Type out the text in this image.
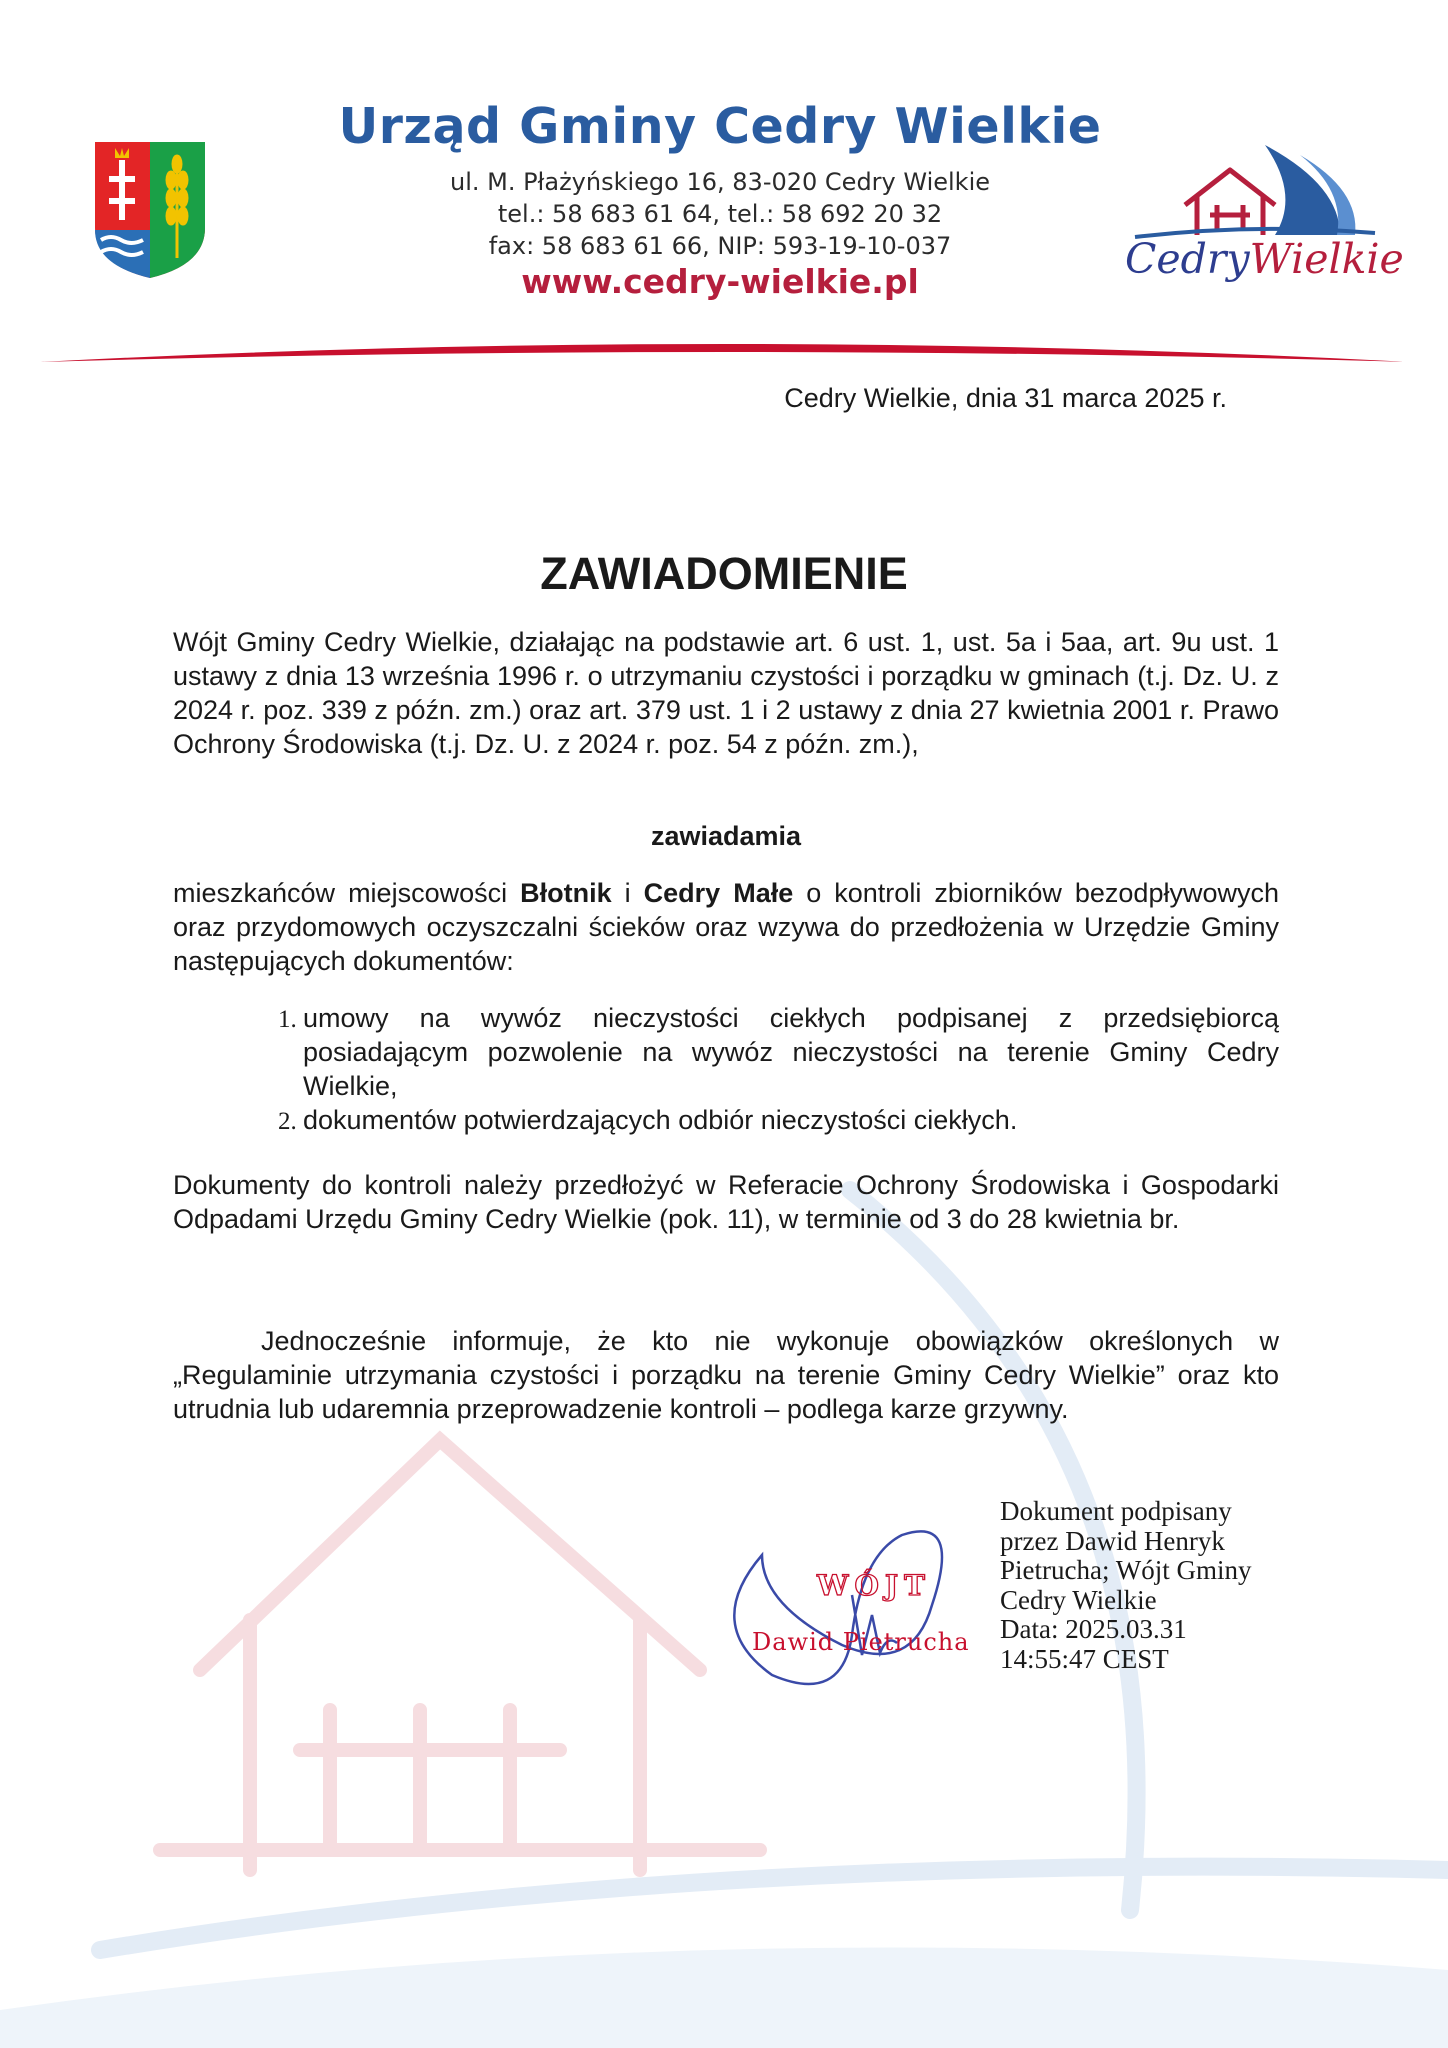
Urząd Gminy Cedry Wielkie
ul. M. Płażyńskiego 16, 83-020 Cedry Wielkie
tel.: 58 683 61 64, tel.: 58 692 20 32
fax: 58 683 61 66, NIP: 593-19-10-037
www.cedry-wielkie.pl	CedryWielkie
Cedry Wielkie, dnia 31 marca 2025 r.
ZAWIADOMIENIE
Wójt Gminy Cedry Wielkie, działając na podstawie art. 6 ust. 1, ust. 5a i 5aa, art. 9u ust. 1 ustawy z dnia 13 września 1996 r. o utrzymaniu czystości i porządku w gminach (t.j. Dz. U. z 2024 r. poz. 339 z późn. zm.) oraz art. 379 ust. 1 i 2 ustawy z dnia 27 kwietnia 2001 r. Prawo Ochrony Środowiska (t.j. Dz. U. z 2024 r. poz. 54 z późn. zm.),
zawiadamia
mieszkańców miejscowości Błotnik i Cedry Małe o kontroli zbiorników bezodpływowych oraz przydomowych oczyszczalni ścieków oraz wzywa do przedłożenia w Urzędzie Gminy następujących dokumentów:
1. umowy na wywóz nieczystości ciekłych podpisanej z przedsiębiorcą posiadającym pozwolenie na wywóz nieczystości na terenie Gminy Cedry Wielkie,
2. dokumentów potwierdzających odbiór nieczystości ciekłych.
Dokumenty do kontroli należy przedłożyć w Referacie Ochrony Środowiska i Gospodarki Odpadami Urzędu Gminy Cedry Wielkie (pok. 11), w terminie od 3 do 28 kwietnia br.
Jednocześnie informuje, że kto nie wykonuje obowiązków określonych w „Regulaminie utrzymania czystości i porządku na terenie Gminy Cedry Wielkie” oraz kto utrudnia lub udaremnia przeprowadzenie kontroli – podlega karze grzywny.
WÓJT
Dawid Pietrucha
Dokument podpisany
przez Dawid Henryk
Pietrucha; Wójt Gminy
Cedry Wielkie
Data: 2025.03.31
14:55:47 CEST
